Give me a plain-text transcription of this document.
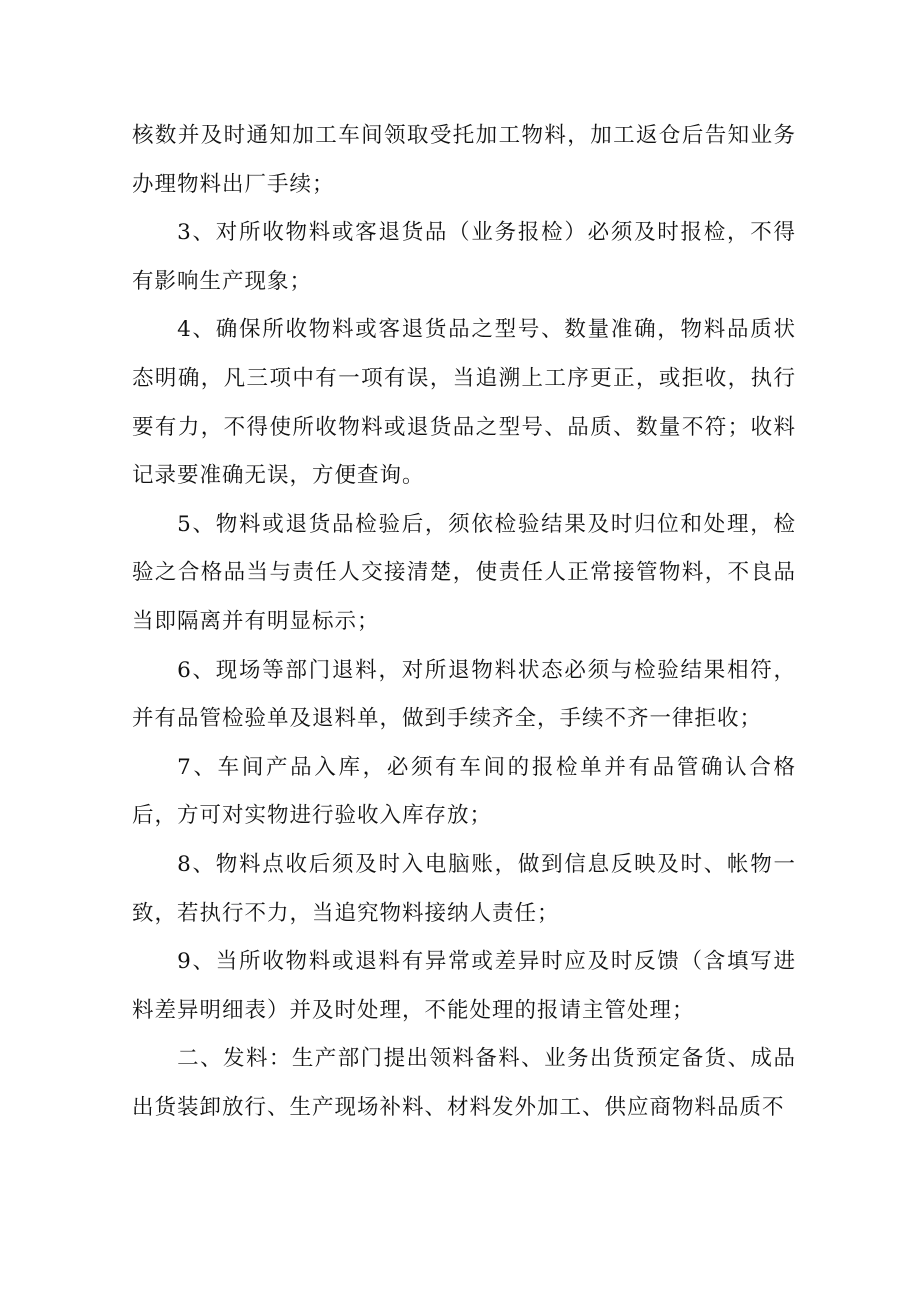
核数并及时通知加工车间领取受托加工物料，加工返仓后告知业务办理物料出厂手续；

3、对所收物料或客退货品（业务报检）必须及时报检，不得有影响生产现象；

4、确保所收物料或客退货品之型号、数量准确，物料品质状态明确，凡三项中有一项有误，当追溯上工序更正，或拒收，执行要有力，不得使所收物料或退货品之型号、品质、数量不符；收料记录要准确无误，方便查询。

5、物料或退货品检验后，须依检验结果及时归位和处理，检验之合格品当与责任人交接清楚，使责任人正常接管物料，不良品当即隔离并有明显标示；

6、现场等部门退料，对所退物料状态必须与检验结果相符，并有品管检验单及退料单，做到手续齐全，手续不齐一律拒收；

7、车间产品入库，必须有车间的报检单并有品管确认合格后，方可对实物进行验收入库存放；

8、物料点收后须及时入电脑账，做到信息反映及时、帐物一致，若执行不力，当追究物料接纳人责任；

9、当所收物料或退料有异常或差异时应及时反馈（含填写进料差异明细表）并及时处理，不能处理的报请主管处理；

二、发料：生产部门提出领料备料、业务出货预定备货、成品出货装卸放行、生产现场补料、材料发外加工、供应商物料品质不
